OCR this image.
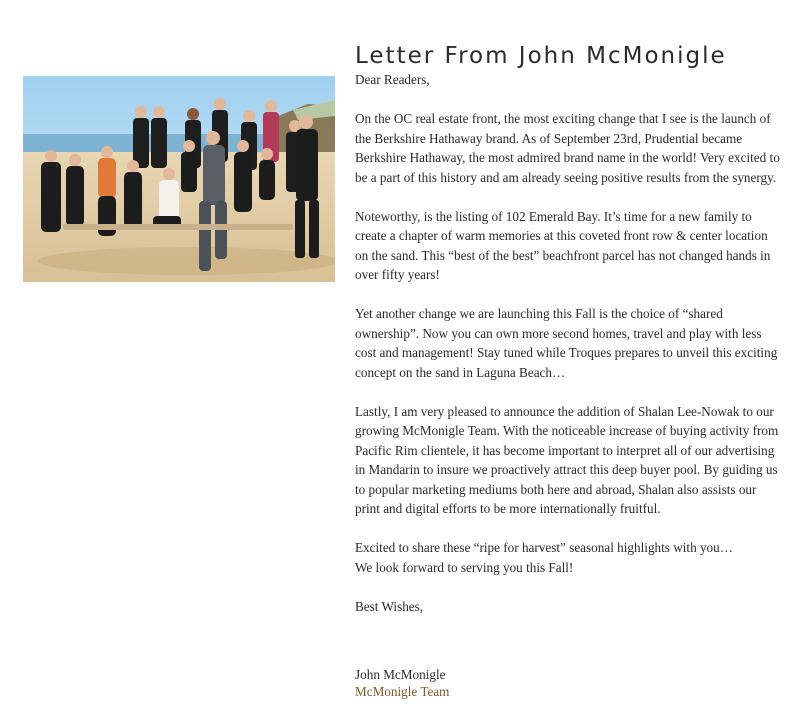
Letter From John McMonigle

Dear Readers,

On the OC real estate front, the most exciting change that I see is the launch of the Berkshire Hathaway brand. As of September 23rd, Prudential became Berkshire Hathaway, the most admired brand name in the world! Very excited to be a part of this history and am already seeing positive results from the synergy.

Noteworthy, is the listing of 102 Emerald Bay. It’s time for a new family to create a chapter of warm memories at this coveted front row & center location on the sand. This “best of the best” beachfront parcel has not changed hands in over fifty years!

Yet another change we are launching this Fall is the choice of “shared ownership”. Now you can own more second homes, travel and play with less cost and management! Stay tuned while Troques prepares to unveil this exciting concept on the sand in Laguna Beach…

Lastly, I am very pleased to announce the addition of Shalan Lee-Nowak to our growing McMonigle Team. With the noticeable increase of buying activity from Pacific Rim clientele, it has become important to interpret all of our advertising in Mandarin to insure we proactively attract this deep buyer pool. By guiding us to popular marketing mediums both here and abroad, Shalan also assists our print and digital efforts to be more internationally fruitful.

Excited to share these “ripe for harvest” seasonal highlights with you…
We look forward to serving you this Fall!

Best Wishes,

John McMonigle
McMonigle Team
